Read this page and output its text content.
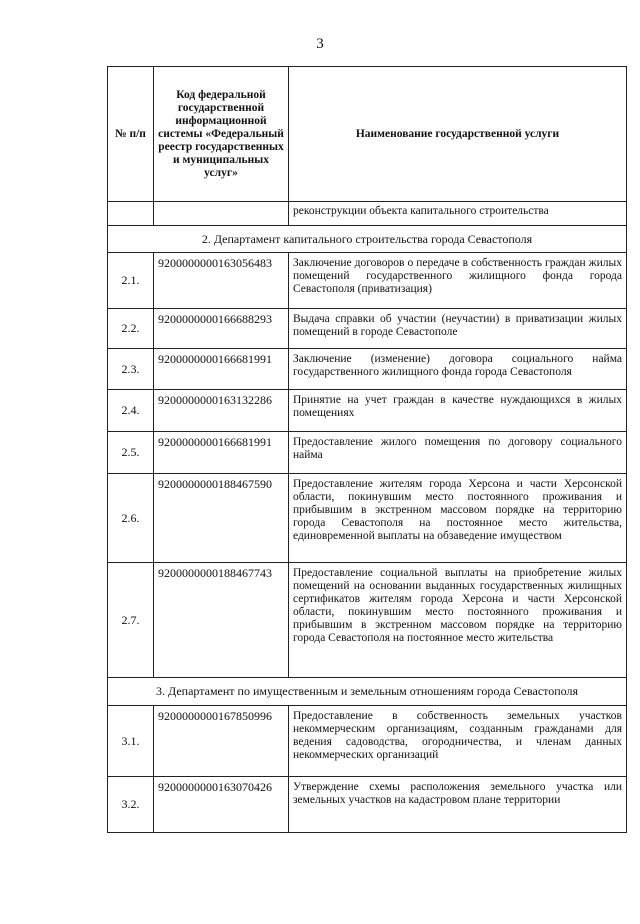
3
№ п/п	Код федеральной государственной информационной системы «Федеральный реестр государственных и муниципальных услуг»	Наименование государственной услуги
		реконструкции объекта капитального строительства
2. Департамент капитального строительства города Севастополя		
2.1.	9200000000163056483	Заключение договоров о передаче в собственность граждан жилых помещений государственного жилищного фонда города Севастополя (приватизация)
2.2.	9200000000166688293	Выдача справки об участии (неучастии) в приватизации жилых помещений в городе Севастополе
2.3.	9200000000166681991	Заключение (изменение) договора социального найма государственного жилищного фонда города Севастополя
2.4.	9200000000163132286	Принятие на учет граждан в качестве нуждающихся в жилых помещениях
2.5.	9200000000166681991	Предоставление жилого помещения по договору социального найма
2.6.	9200000000188467590	Предоставление жителям города Херсона и части Херсонской области, покинувшим место постоянного проживания и прибывшим в экстренном массовом порядке на территорию города Севастополя на постоянное место жительства, единовременной выплаты на обзаведение имуществом
2.7.	9200000000188467743	Предоставление социальной выплаты на приобретение жилых помещений на основании выданных государственных жилищных сертификатов жителям города Херсона и части Херсонской области, покинувшим место постоянного проживания и прибывшим в экстренном массовом порядке на территорию города Севастополя на постоянное место жительства
3. Департамент по имущественным и земельным отношениям города Севастополя		
3.1.	9200000000167850996	Предоставление в собственность земельных участков некоммерческим организациям, созданным гражданами для ведения садоводства, огородничества, и членам данных некоммерческих организаций
3.2.	9200000000163070426	Утверждение схемы расположения земельного участка или земельных участков на кадастровом плане территории
